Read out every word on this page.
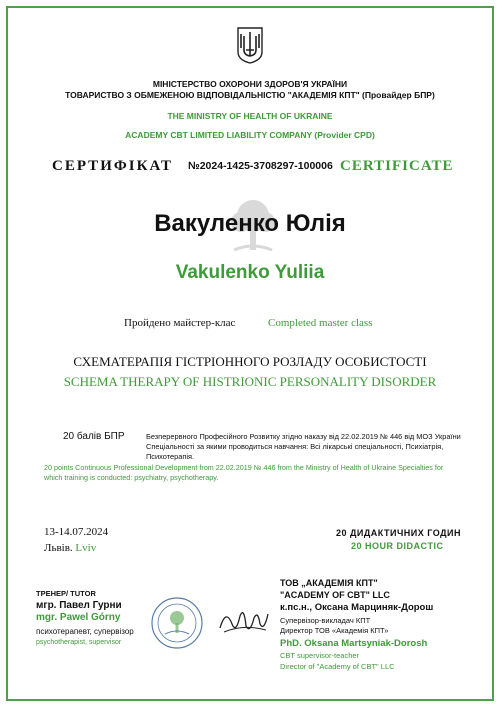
МІНІСТЕРСТВО ОХОРОНИ ЗДОРОВ'Я УКРАЇНИ
ТОВАРИСТВО З ОБМЕЖЕНОЮ ВІДПОВІДАЛЬНІСТЮ "АКАДЕМІЯ КПТ" (Провайдер БПР)
THE MINISTRY OF HEALTH OF UKRAINE
ACADEMY CBT LIMITED LIABILITY COMPANY (Provider CPD)
СЕРТИФІКАТ №2024-1425-3708297-100006 CERTIFICATE
Вакуленко Юлія
Vakulenko Yuliia
Пройдено майстер-клас	Completed master class
СХЕМАТЕРАПІЯ ГІСТРІОННОГО РОЗЛАДУ ОСОБИСТОСТІ
SCHEMA THERAPY OF HISTRIONIC PERSONALITY DISORDER
20 балів БПР	Безперервного Професійного Розвитку згідно наказу від 22.02.2019 № 446 від МОЗ України
Спеціальності за якими проводиться навчання: Всі лікарські спеціальності, Психіатрія,
Психотерапія.
20 points Continuous Professional Development from 22.02.2019 № 446 from the Ministry of Health of Ukraine Specialties for
which training is conducted: psychiatry, psychotherapy.
13-14.07.2024
Львів. Lviv
20 ДИДАКТИЧНИХ ГОДИН
20 HOUR DIDACTIC
ТРЕНЕР/ TUTOR
мгр. Павел Гурни
mgr. Pawel Górny
психотерапевт, супервізор
psychotherapist, supervisor
ТОВ „АКАДЕМІЯ КПТ"
"ACADEMY OF CBT" LLC
к.пс.н., Оксана Марциняк-Дорош
Супервізор-викладач КПТ
Директор ТОВ «Академія КПТ»
PhD. Oksana Martsyniak-Dorosh
CBT supervisor-teacher
Director of "Academy of CBT" LLC
